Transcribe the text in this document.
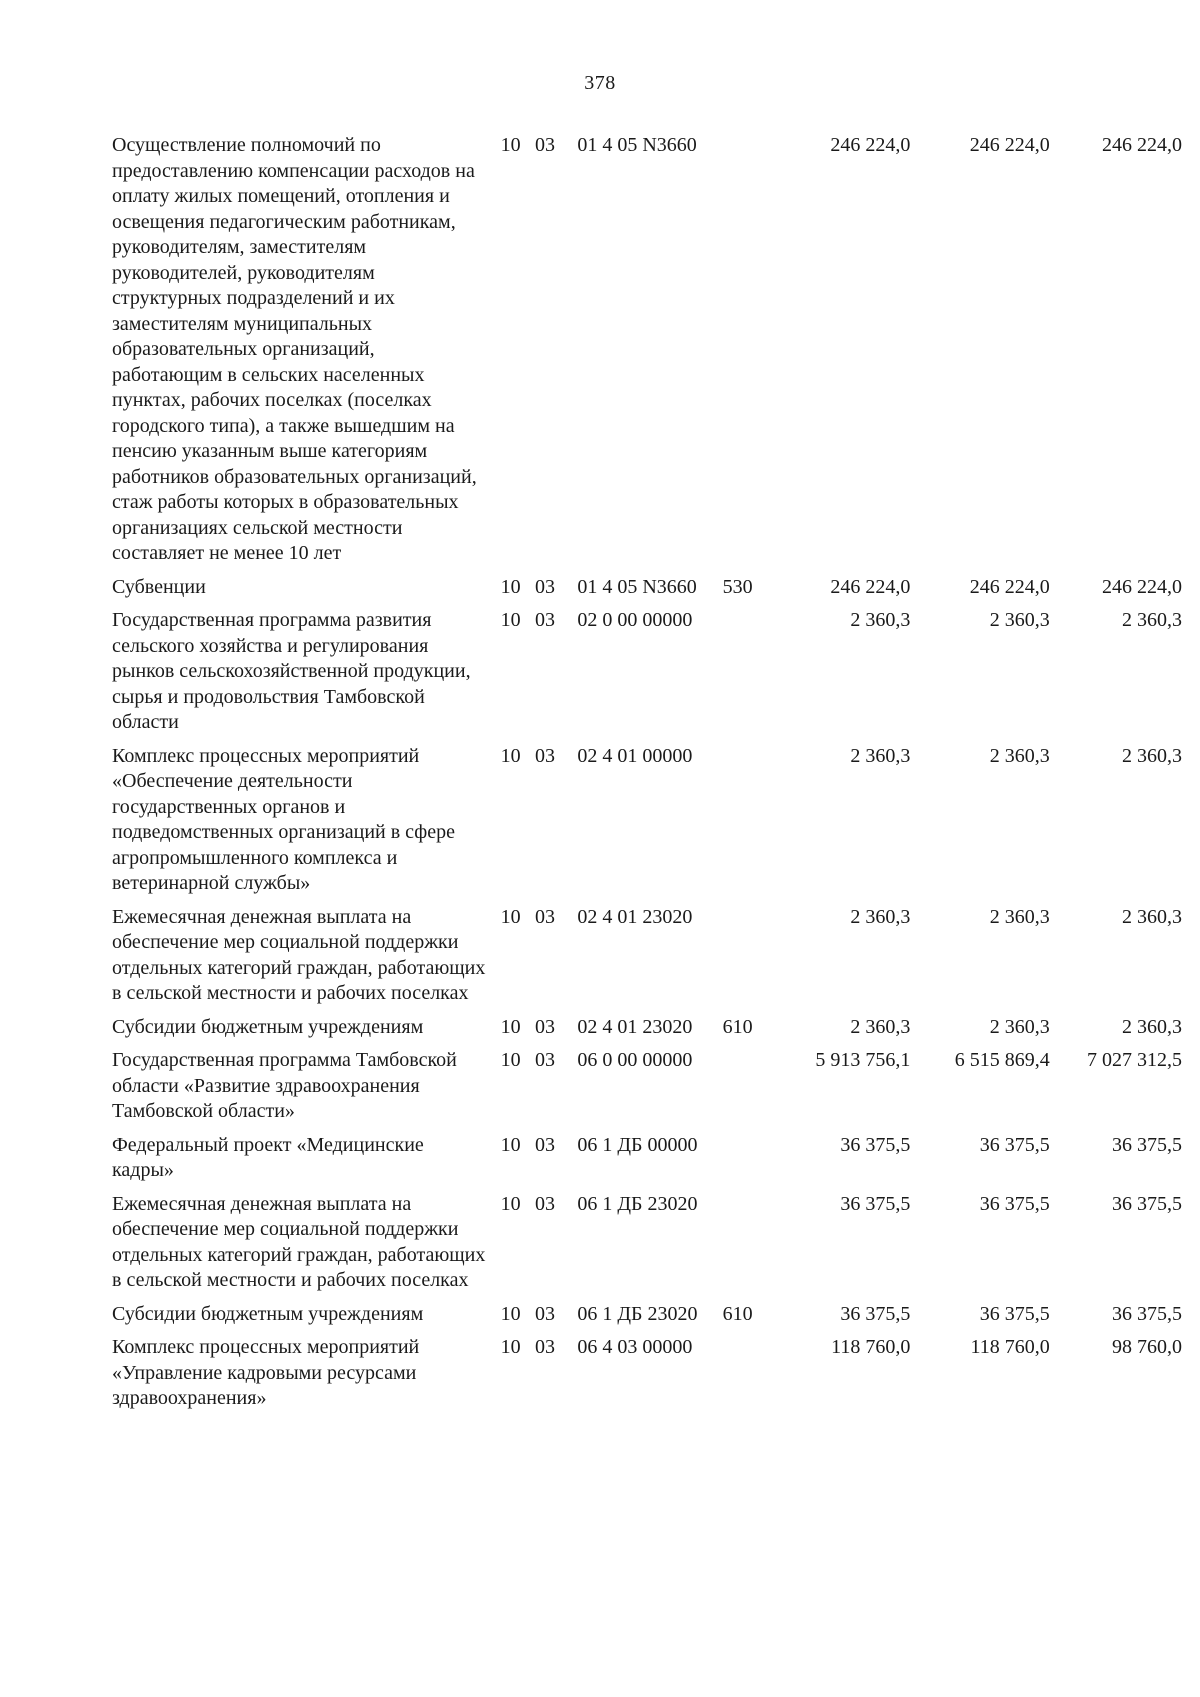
378
Осуществление полномочий по предоставлению компенсации расходов на оплату жилых помещений, отопления и освещения педагогическим работникам, руководителям, заместителям руководителей, руководителям структурных подразделений и их заместителям муниципальных образовательных организаций, работающим в сельских населенных пунктах, рабочих поселках (поселках городского типа), а также вышедшим на пенсию указанным выше категориям работников образовательных организаций, стаж работы которых в образовательных организациях сельской местности составляет не менее 10 лет	10	03	01 4 05 N3660		246 224,0	246 224,0	246 224,0
Субвенции	10	03	01 4 05 N3660	530	246 224,0	246 224,0	246 224,0
Государственная программа развития сельского хозяйства и регулирования рынков сельскохозяйственной продукции, сырья и продовольствия Тамбовской области	10	03	02 0 00 00000		2 360,3	2 360,3	2 360,3
Комплекс процессных мероприятий «Обеспечение деятельности государственных органов и подведомственных организаций в сфере агропромышленного комплекса и ветеринарной службы»	10	03	02 4 01 00000		2 360,3	2 360,3	2 360,3
Ежемесячная денежная выплата на обеспечение мер социальной поддержки отдельных категорий граждан, работающих в сельской местности и рабочих поселках	10	03	02 4 01 23020		2 360,3	2 360,3	2 360,3
Субсидии бюджетным учреждениям	10	03	02 4 01 23020	610	2 360,3	2 360,3	2 360,3
Государственная программа Тамбовской области «Развитие здравоохранения Тамбовской области»	10	03	06 0 00 00000		5 913 756,1	6 515 869,4	7 027 312,5
Федеральный проект «Медицинские кадры»	10	03	06 1 ДБ 00000		36 375,5	36 375,5	36 375,5
Ежемесячная денежная выплата на обеспечение мер социальной поддержки отдельных категорий граждан, работающих в сельской местности и рабочих поселках	10	03	06 1 ДБ 23020		36 375,5	36 375,5	36 375,5
Субсидии бюджетным учреждениям	10	03	06 1 ДБ 23020	610	36 375,5	36 375,5	36 375,5
Комплекс процессных мероприятий «Управление кадровыми ресурсами здравоохранения»	10	03	06 4 03 00000		118 760,0	118 760,0	98 760,0
